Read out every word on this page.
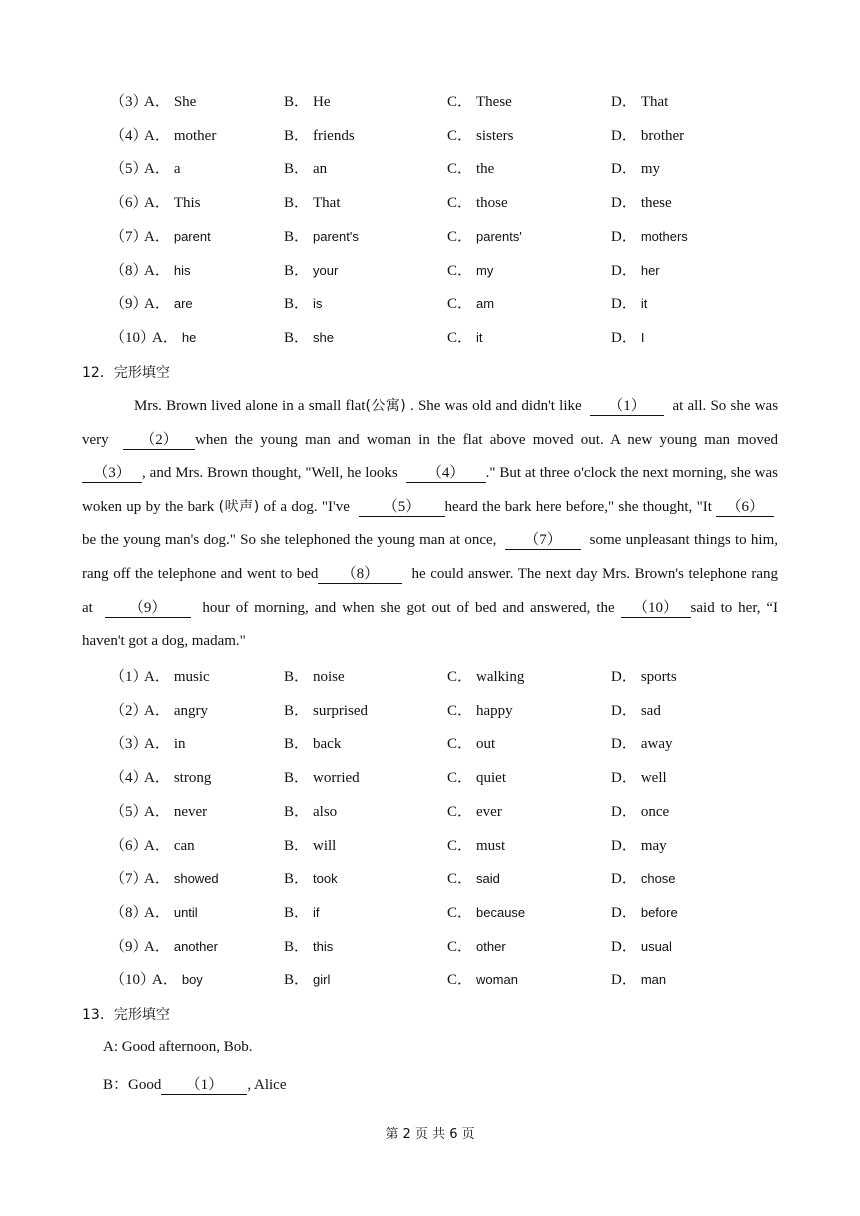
（3）
A． She	B． He	C． These	D． That
（4）
A． mother	B． friends	C． sisters	D． brother
（5）
A． a	B． an	C． the	D． my
（6）
A． This	B． That	C． those	D． these
（7）
A． parent	B． parent's	C． parents'	D． mothers
（8）
A． his	B． your	C． my	D． her
（9）
A． are	B． is	C． am	D． it
（10）
A． he	B． she	C． it	D． I
12．完形填空
Mrs. Brown lived alone in a small flat(公寓) . She was old and didn't like （1） at all. So she was very （2） when the young man and woman in the flat above moved out. A new young man moved （3） , and Mrs. Brown thought, "Well, he looks （4） ." But at three o'clock the next morning, she was woken up by the bark (吠声) of a dog. "I've （5） heard the bark here before," she thought, "It （6）  be the young man's dog." So she telephoned the young man at once, （7） some unpleasant things to him, rang off the telephone and went to bed （8） he could answer. The next day Mrs. Brown's telephone rang at （9） hour of morning, and when she got out of bed and answered, the （10） said to her, “I haven't got a dog, madam."
（1）
A． music	B． noise	C． walking	D． sports
（2）
A． angry	B． surprised	C． happy	D． sad
（3）
A． in	B． back	C． out	D． away
（4）
A． strong	B． worried	C． quiet	D． well
（5）
A． never	B． also	C． ever	D． once
（6）
A． can	B． will	C． must	D． may
（7）
A． showed	B． took	C． said	D． chose
（8）
A． until	B． if	C． because	D． before
（9）
A． another	B． this	C． other	D． usual
（10）
A． boy	B． girl	C． woman	D． man
13．完形填空
A: Good afternoon, Bob.
B：Good （1） , Alice
第 2 页 共 6 页
